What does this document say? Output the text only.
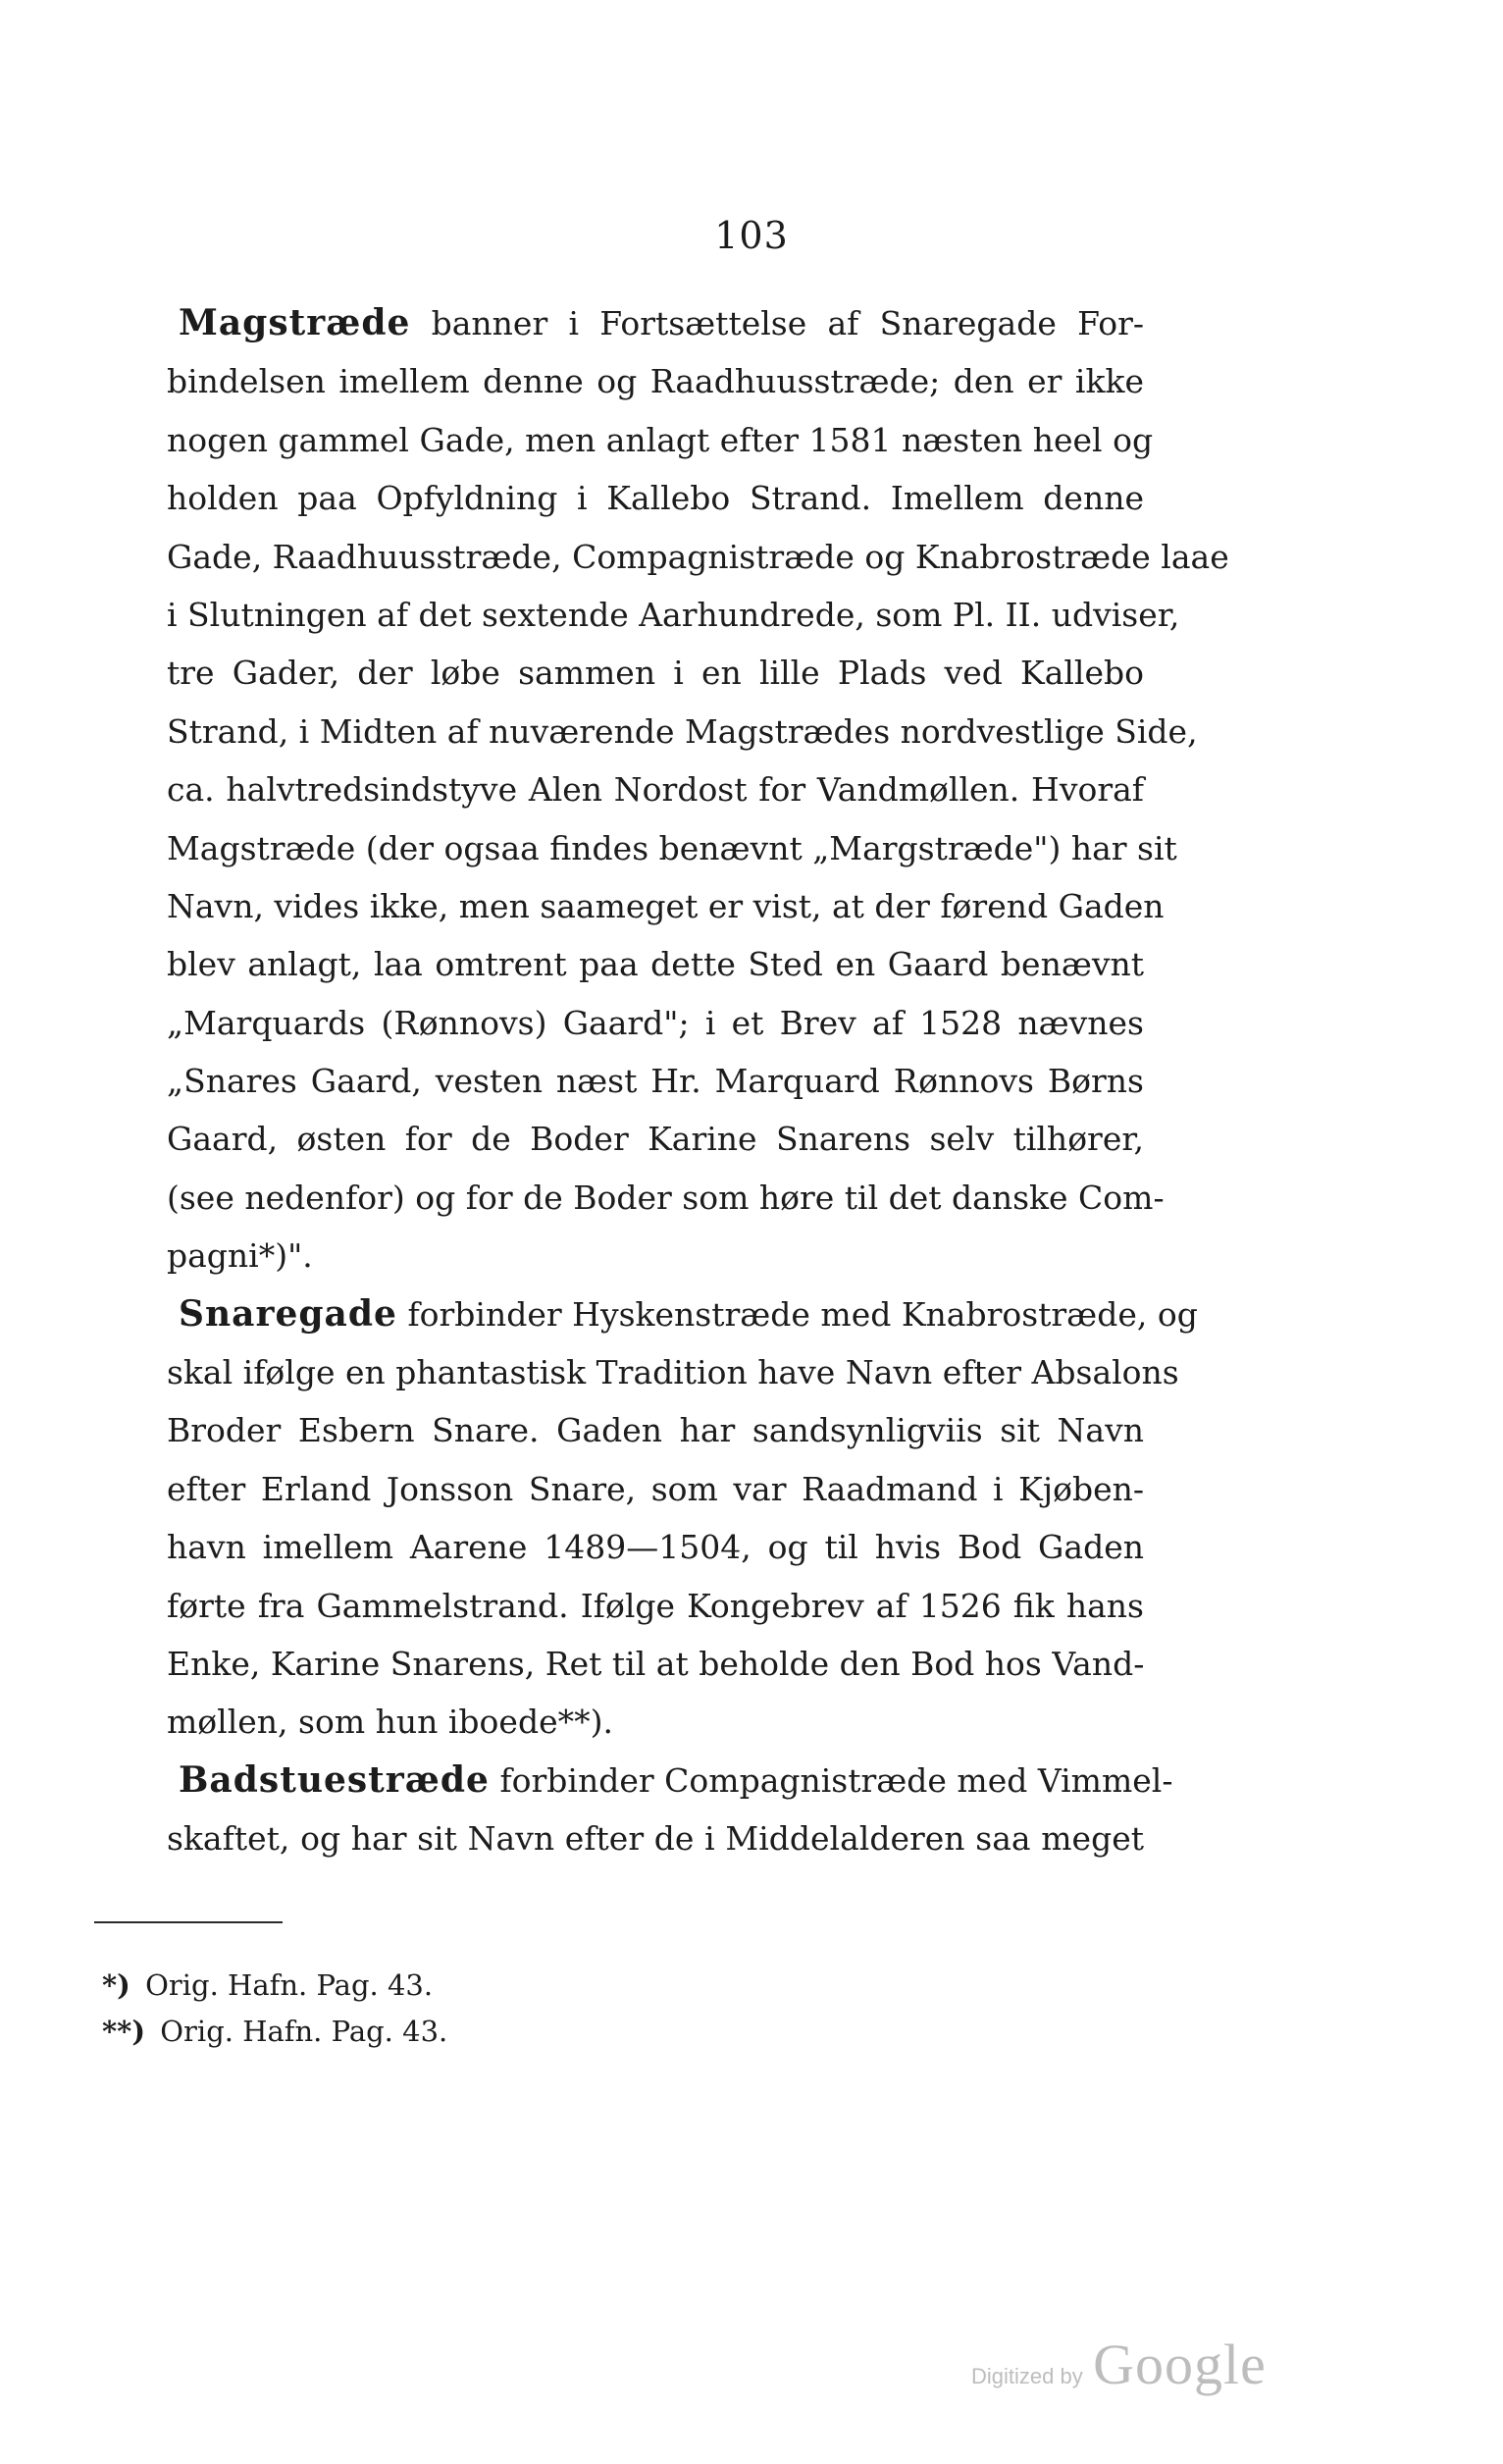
103
Magstræde banner i Fortsættelse af Snaregade For-
bindelsen imellem denne og Raadhuusstræde; den er ikke
nogen gammel Gade, men anlagt efter 1581 næsten heel og
holden paa Opfyldning i Kallebo Strand. Imellem denne
Gade, Raadhuusstræde, Compagnistræde og Knabrostræde laae
i Slutningen af det sextende Aarhundrede, som Pl. II. udviser,
tre Gader, der løbe sammen i en lille Plads ved Kallebo
Strand, i Midten af nuværende Magstrædes nordvestlige Side,
ca. halvtredsindstyve Alen Nordost for Vandmøllen. Hvoraf
Magstræde (der ogsaa findes benævnt „Margstræde") har sit
Navn, vides ikke, men saameget er vist, at der førend Gaden
blev anlagt, laa omtrent paa dette Sted en Gaard benævnt
„Marquards (Rønnovs) Gaard"; i et Brev af 1528 nævnes
„Snares Gaard, vesten næst Hr. Marquard Rønnovs Børns
Gaard, østen for de Boder Karine Snarens selv tilhører,
(see nedenfor) og for de Boder som høre til det danske Com-
pagni*)".
Snaregade forbinder Hyskenstræde med Knabrostræde, og
skal ifølge en phantastisk Tradition have Navn efter Absalons
Broder Esbern Snare. Gaden har sandsynligviis sit Navn
efter Erland Jonsson Snare, som var Raadmand i Kjøben-
havn imellem Aarene 1489—1504, og til hvis Bod Gaden
førte fra Gammelstrand. Ifølge Kongebrev af 1526 fik hans
Enke, Karine Snarens, Ret til at beholde den Bod hos Vand-
møllen, som hun iboede**).
Badstuestræde forbinder Compagnistræde med Vimmel-
skaftet, og har sit Navn efter de i Middelalderen saa meget
*) Orig. Hafn. Pag. 43.
**) Orig. Hafn. Pag. 43.
Digitized by Google
